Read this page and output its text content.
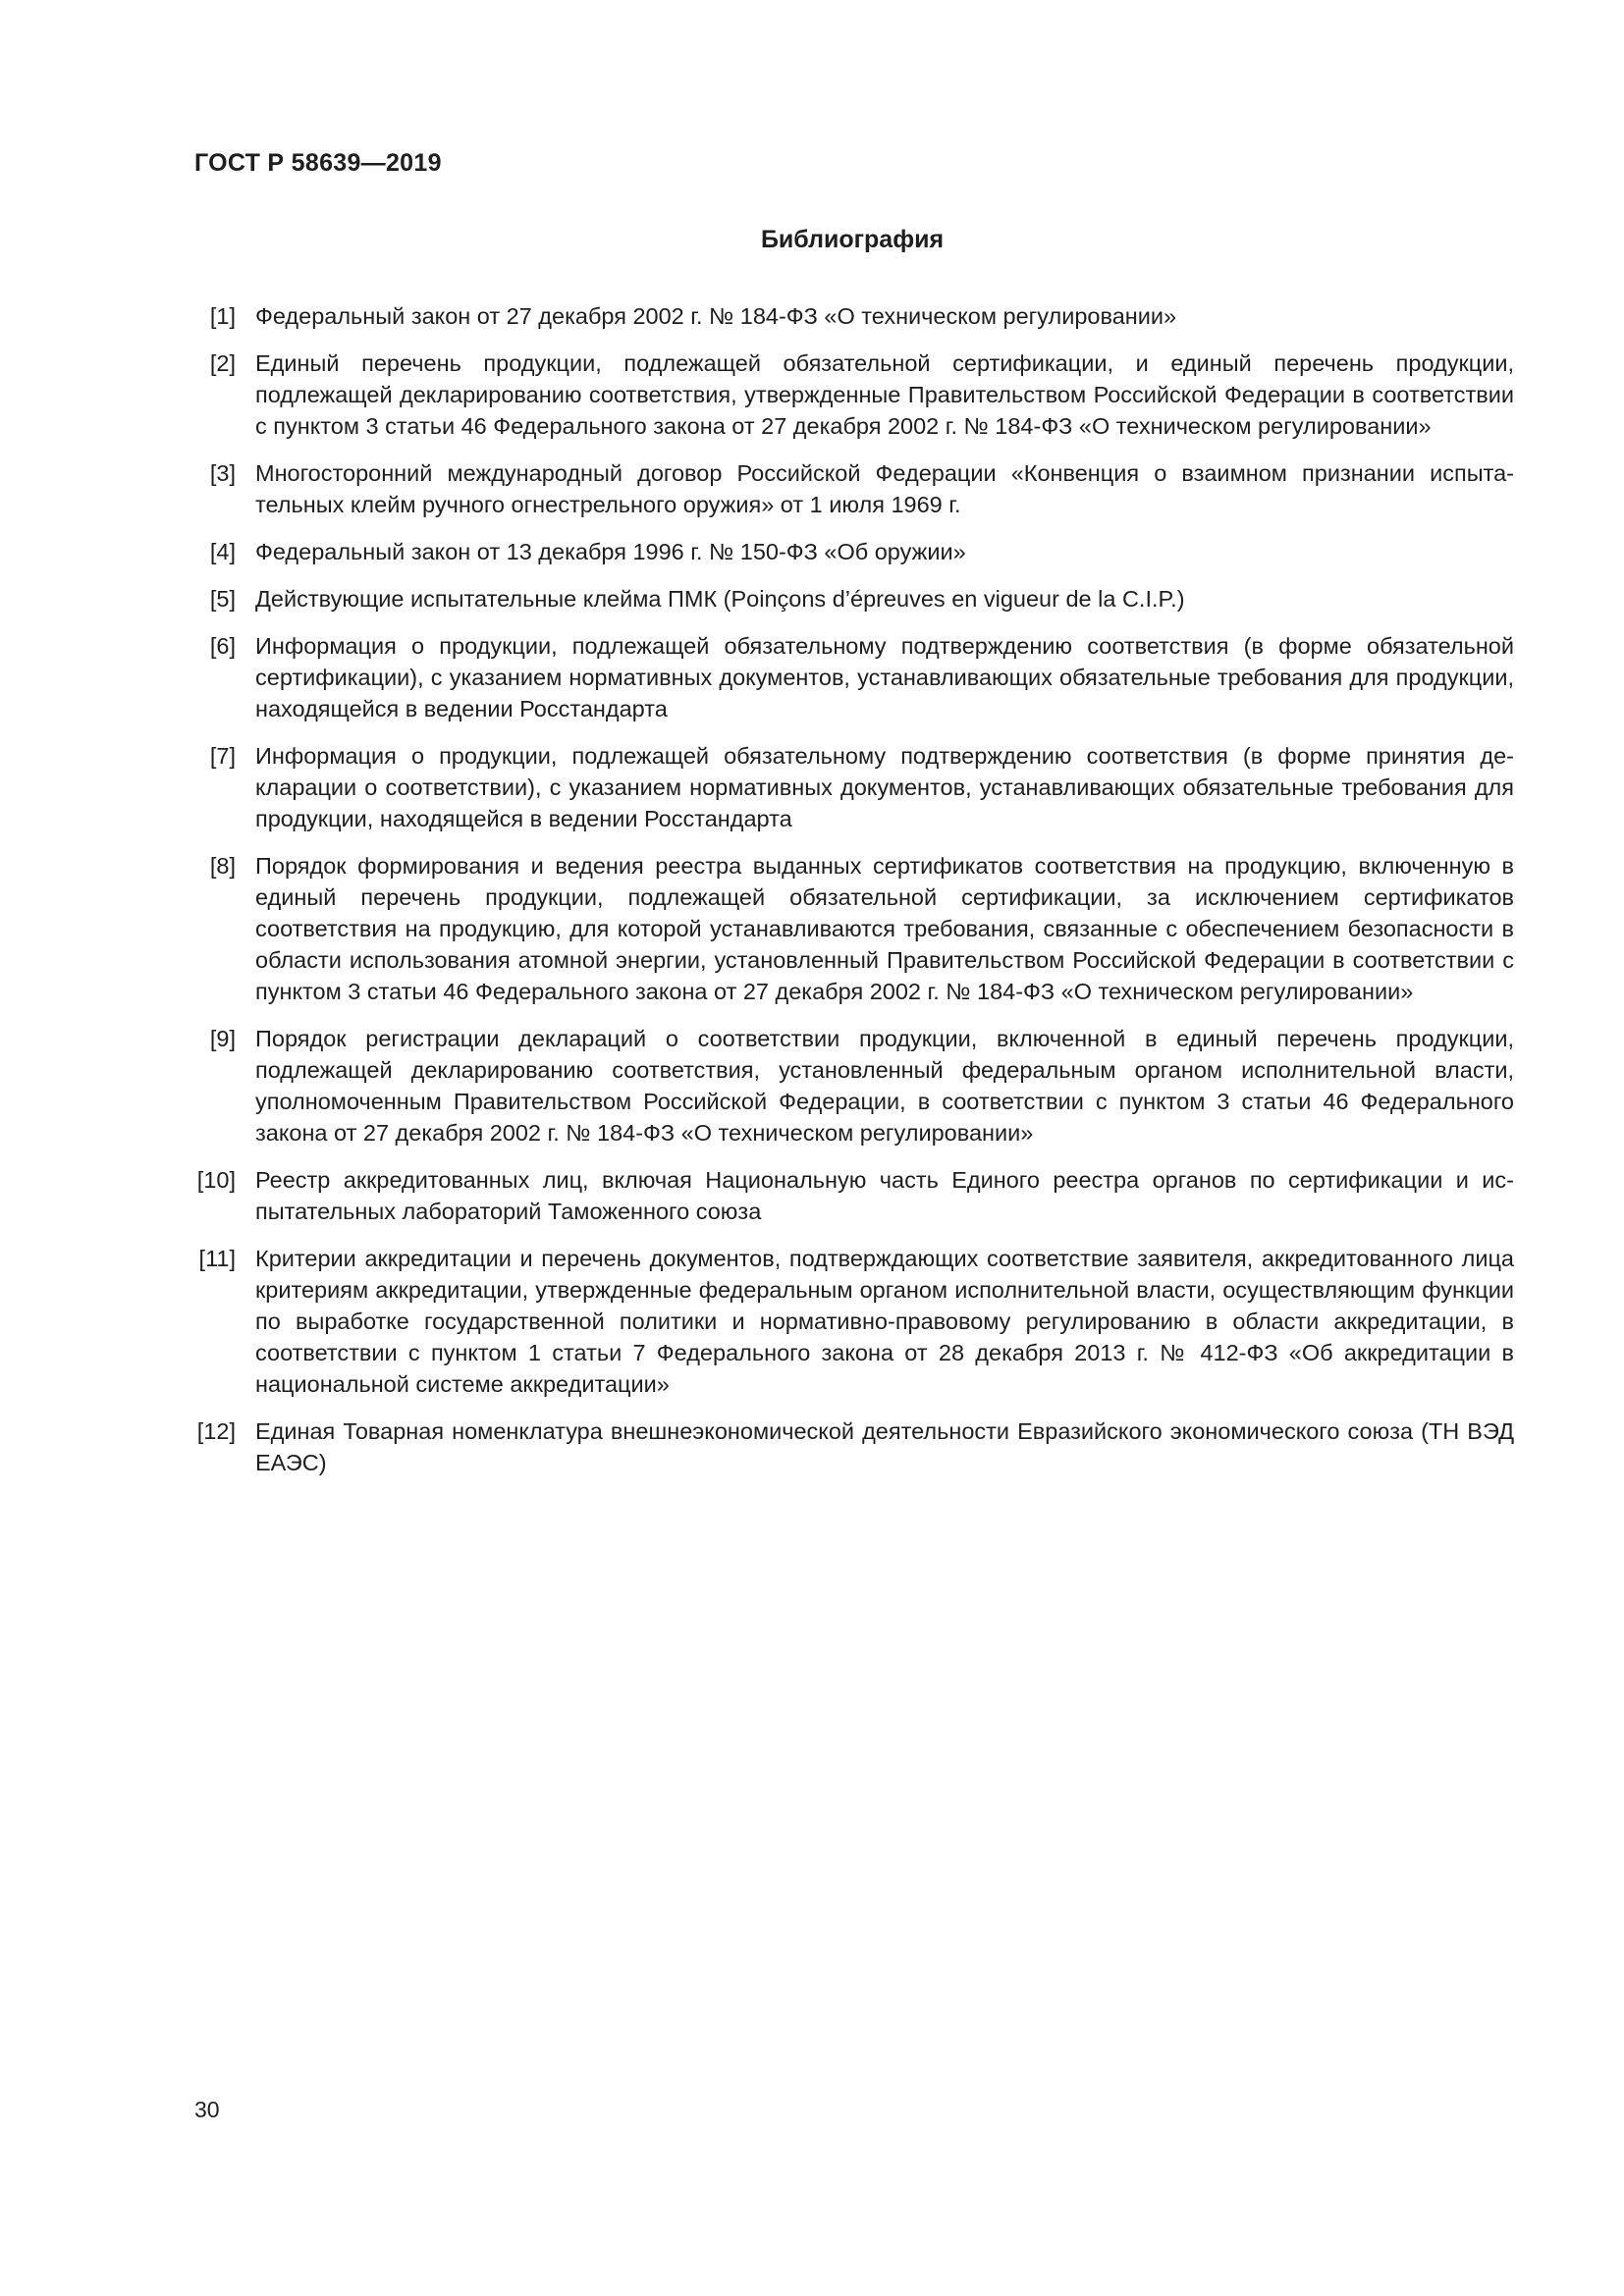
ГОСТ Р 58639—2019
Библиография
[1] Федеральный закон от 27 декабря 2002 г. № 184-ФЗ «О техническом регулировании»
[2] Единый перечень продукции, подлежащей обязательной сертификации, и единый перечень продукции, подлежащей декларированию соответствия, утвержденные Правительством Российской Федерации в соответствии с пунктом 3 статьи 46 Федерального закона от 27 декабря 2002 г. № 184-ФЗ «О техническом регулировании»
[3] Многосторонний международный договор Российской Федерации «Конвенция о взаимном признании испытательных клейм ручного огнестрельного оружия» от 1 июля 1969 г.
[4] Федеральный закон от 13 декабря 1996 г. № 150-ФЗ «Об оружии»
[5] Действующие испытательные клейма ПМК (Poinçons d’épreuves en vigueur de la C.I.P.)
[6] Информация о продукции, подлежащей обязательному подтверждению соответствия (в форме обязательной сертификации), с указанием нормативных документов, устанавливающих обязательные требования для продукции, находящейся в ведении Росстандарта
[7] Информация о продукции, подлежащей обязательному подтверждению соответствия (в форме принятия декларации о соответствии), с указанием нормативных документов, устанавливающих обязательные требования для продукции, находящейся в ведении Росстандарта
[8] Порядок формирования и ведения реестра выданных сертификатов соответствия на продукцию, включенную в единый перечень продукции, подлежащей обязательной сертификации, за исключением сертификатов соответствия на продукцию, для которой устанавливаются требования, связанные с обеспечением безопасности в области использования атомной энергии, установленный Правительством Российской Федерации в соответствии с пунктом 3 статьи 46 Федерального закона от 27 декабря 2002 г. № 184-ФЗ «О техническом регулировании»
[9] Порядок регистрации деклараций о соответствии продукции, включенной в единый перечень продукции, подлежащей декларированию соответствия, установленный федеральным органом исполнительной власти, уполномоченным Правительством Российской Федерации, в соответствии с пунктом 3 статьи 46 Федерального закона от 27 декабря 2002 г. № 184-ФЗ «О техническом регулировании»
[10] Реестр аккредитованных лиц, включая Национальную часть Единого реестра органов по сертификации и испытательных лабораторий Таможенного союза
[11] Критерии аккредитации и перечень документов, подтверждающих соответствие заявителя, аккредитованного лица критериям аккредитации, утвержденные федеральным органом исполнительной власти, осуществляющим функции по выработке государственной политики и нормативно-правовому регулированию в области аккредитации, в соответствии с пунктом 1 статьи 7 Федерального закона от 28 декабря 2013 г. № 412-ФЗ «Об аккредитации в национальной системе аккредитации»
[12] Единая Товарная номенклатура внешнеэкономической деятельности Евразийского экономического союза (ТН ВЭД ЕАЭС)
30
